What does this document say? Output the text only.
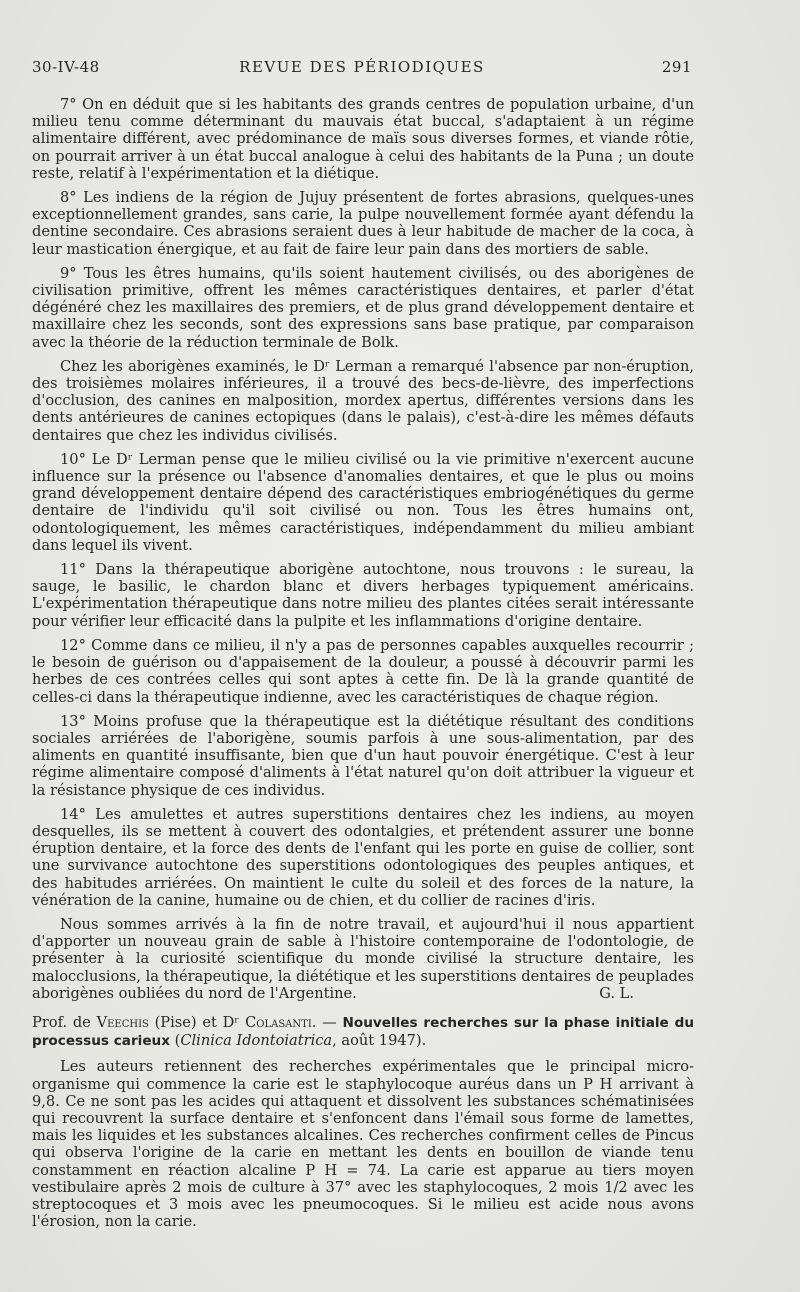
30-IV-48	REVUE DES PÉRIODIQUES	291

7° On en déduit que si les habitants des grands centres de population urbaine, d'un milieu tenu comme déterminant du mauvais état buccal, s'adaptaient à un régime alimentaire différent, avec prédominance de maïs sous diverses formes, et viande rôtie, on pourrait arriver à un état buccal analogue à celui des habitants de la Puna ; un doute reste, relatif à l'expérimentation et la diétique.

8° Les indiens de la région de Jujuy présentent de fortes abrasions, quelques-unes exceptionnellement grandes, sans carie, la pulpe nouvellement formée ayant défendu la dentine secondaire. Ces abrasions seraient dues à leur habitude de macher de la coca, à leur mastication énergique, et au fait de faire leur pain dans des mortiers de sable.

9° Tous les êtres humains, qu'ils soient hautement civilisés, ou des aborigènes de civilisation primitive, offrent les mêmes caractéristiques dentaires, et parler d'état dégénéré chez les maxillaires des premiers, et de plus grand développement dentaire et maxillaire chez les seconds, sont des expressions sans base pratique, par comparaison avec la théorie de la réduction terminale de Bolk.

Chez les aborigènes examinés, le Dʳ Lerman a remarqué l'absence par non-éruption, des troisièmes molaires inférieures, il a trouvé des becs-de-lièvre, des imperfections d'occlusion, des canines en malposition, mordex apertus, différentes versions dans les dents antérieures de canines ectopiques (dans le palais), c'est-à-dire les mêmes défauts dentaires que chez les individus civilisés.

10° Le Dʳ Lerman pense que le milieu civilisé ou la vie primitive n'exercent aucune influence sur la présence ou l'absence d'anomalies dentaires, et que le plus ou moins grand développement dentaire dépend des caractéristiques embriogénétiques du germe dentaire de l'individu qu'il soit civilisé ou non. Tous les êtres humains ont, odontologiquement, les mêmes caractéristiques, indépendamment du milieu ambiant dans lequel ils vivent.

11° Dans la thérapeutique aborigène autochtone, nous trouvons : le sureau, la sauge, le basilic, le chardon blanc et divers herbages typiquement américains. L'expérimentation thérapeutique dans notre milieu des plantes citées serait intéressante pour vérifier leur efficacité dans la pulpite et les inflammations d'origine dentaire.

12° Comme dans ce milieu, il n'y a pas de personnes capables auxquelles recourrir ; le besoin de guérison ou d'appaisement de la douleur, a poussé à découvrir parmi les herbes de ces contrées celles qui sont aptes à cette fin. De là la grande quantité de celles-ci dans la thérapeutique indienne, avec les caractéristiques de chaque région.

13° Moins profuse que la thérapeutique est la diététique résultant des conditions sociales arriérées de l'aborigène, soumis parfois à une sous-alimentation, par des aliments en quantité insuffisante, bien que d'un haut pouvoir énergétique. C'est à leur régime alimentaire composé d'aliments à l'état naturel qu'on doit attribuer la vigueur et la résistance physique de ces individus.

14° Les amulettes et autres superstitions dentaires chez les indiens, au moyen desquelles, ils se mettent à couvert des odontalgies, et prétendent assurer une bonne éruption dentaire, et la force des dents de l'enfant qui les porte en guise de collier, sont une survivance autochtone des superstitions odontologiques des peuples antiques, et des habitudes arriérées. On maintient le culte du soleil et des forces de la nature, la vénération de la canine, humaine ou de chien, et du collier de racines d'iris.

Nous sommes arrivés à la fin de notre travail, et aujourd'hui il nous appartient d'apporter un nouveau grain de sable à l'histoire contemporaine de l'odontologie, de présenter à la curiosité scientifique du monde civilisé la structure dentaire, les malocclusions, la thérapeutique, la diététique et les superstitions dentaires de peuplades aborigènes oubliées du nord de l'Argentine.	G. L.

Prof. de Veechis (Pise) et Dʳ Colasanti. — Nouvelles recherches sur la phase initiale du processus carieux (Clinica Idontoiatrica, août 1947).

Les auteurs retiennent des recherches expérimentales que le principal micro-organisme qui commence la carie est le staphylocoque auréus dans un P H arrivant à 9,8. Ce ne sont pas les acides qui attaquent et dissolvent les substances schématinisées qui recouvrent la surface dentaire et s'enfoncent dans l'émail sous forme de lamettes, mais les liquides et les substances alcalines. Ces recherches confirment celles de Pincus qui observa l'origine de la carie en mettant les dents en bouillon de viande tenu constamment en réaction alcaline P H = 74. La carie est apparue au tiers moyen vestibulaire après 2 mois de culture à 37° avec les staphylocoques, 2 mois 1/2 avec les streptocoques et 3 mois avec les pneumocoques. Si le milieu est acide nous avons l'érosion, non la carie.
